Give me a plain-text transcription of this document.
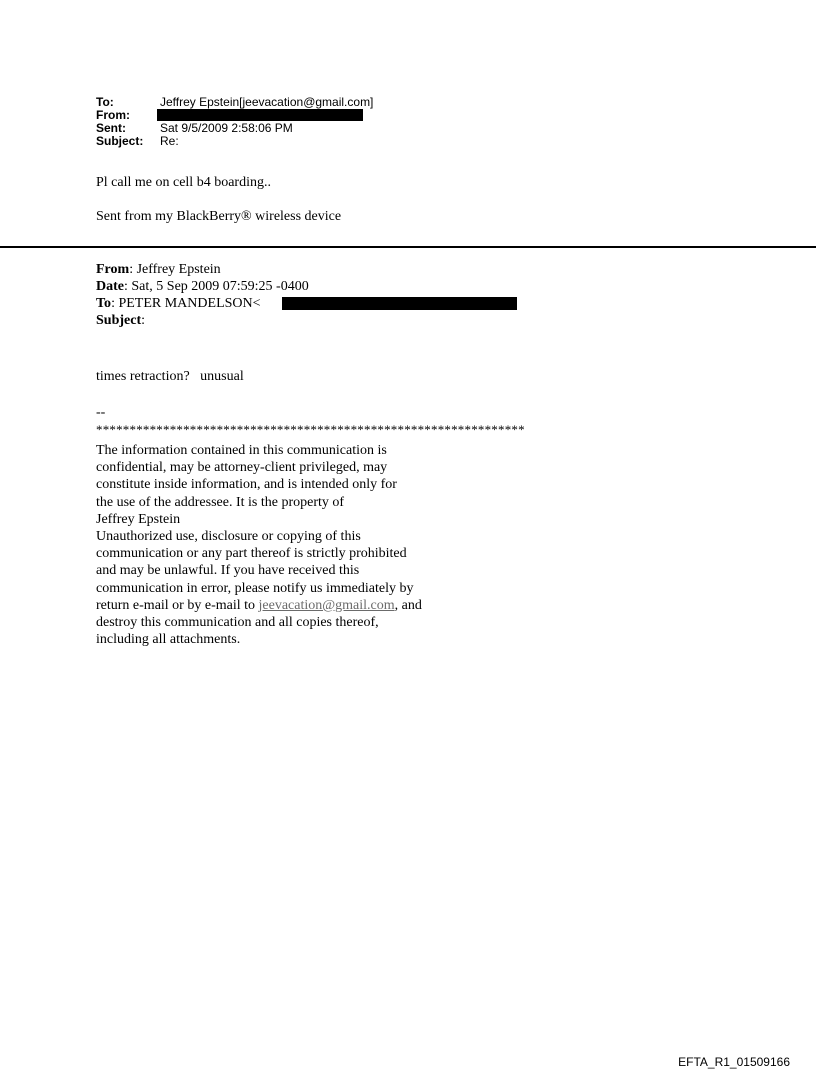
To:	Jeffrey Epstein[jeevacation@gmail.com]
From:
Sent:	Sat 9/5/2009 2:58:06 PM
Subject: Re:
Pl call me on cell b4 boarding..
Sent from my BlackBerry® wireless device
From: Jeffrey Epstein
Date: Sat, 5 Sep 2009 07:59:25 -0400
To: PETER MANDELSON<
Subject:
times retraction?   unusual
--
****************************************************************
The information contained in this communication is
confidential, may be attorney-client privileged, may
constitute inside information, and is intended only for
the use of the addressee. It is the property of
Jeffrey Epstein
Unauthorized use, disclosure or copying of this
communication or any part thereof is strictly prohibited
and may be unlawful. If you have received this
communication in error, please notify us immediately by
return e-mail or by e-mail to jeevacation@gmail.com, and
destroy this communication and all copies thereof,
including all attachments.
EFTA_R1_01509166
